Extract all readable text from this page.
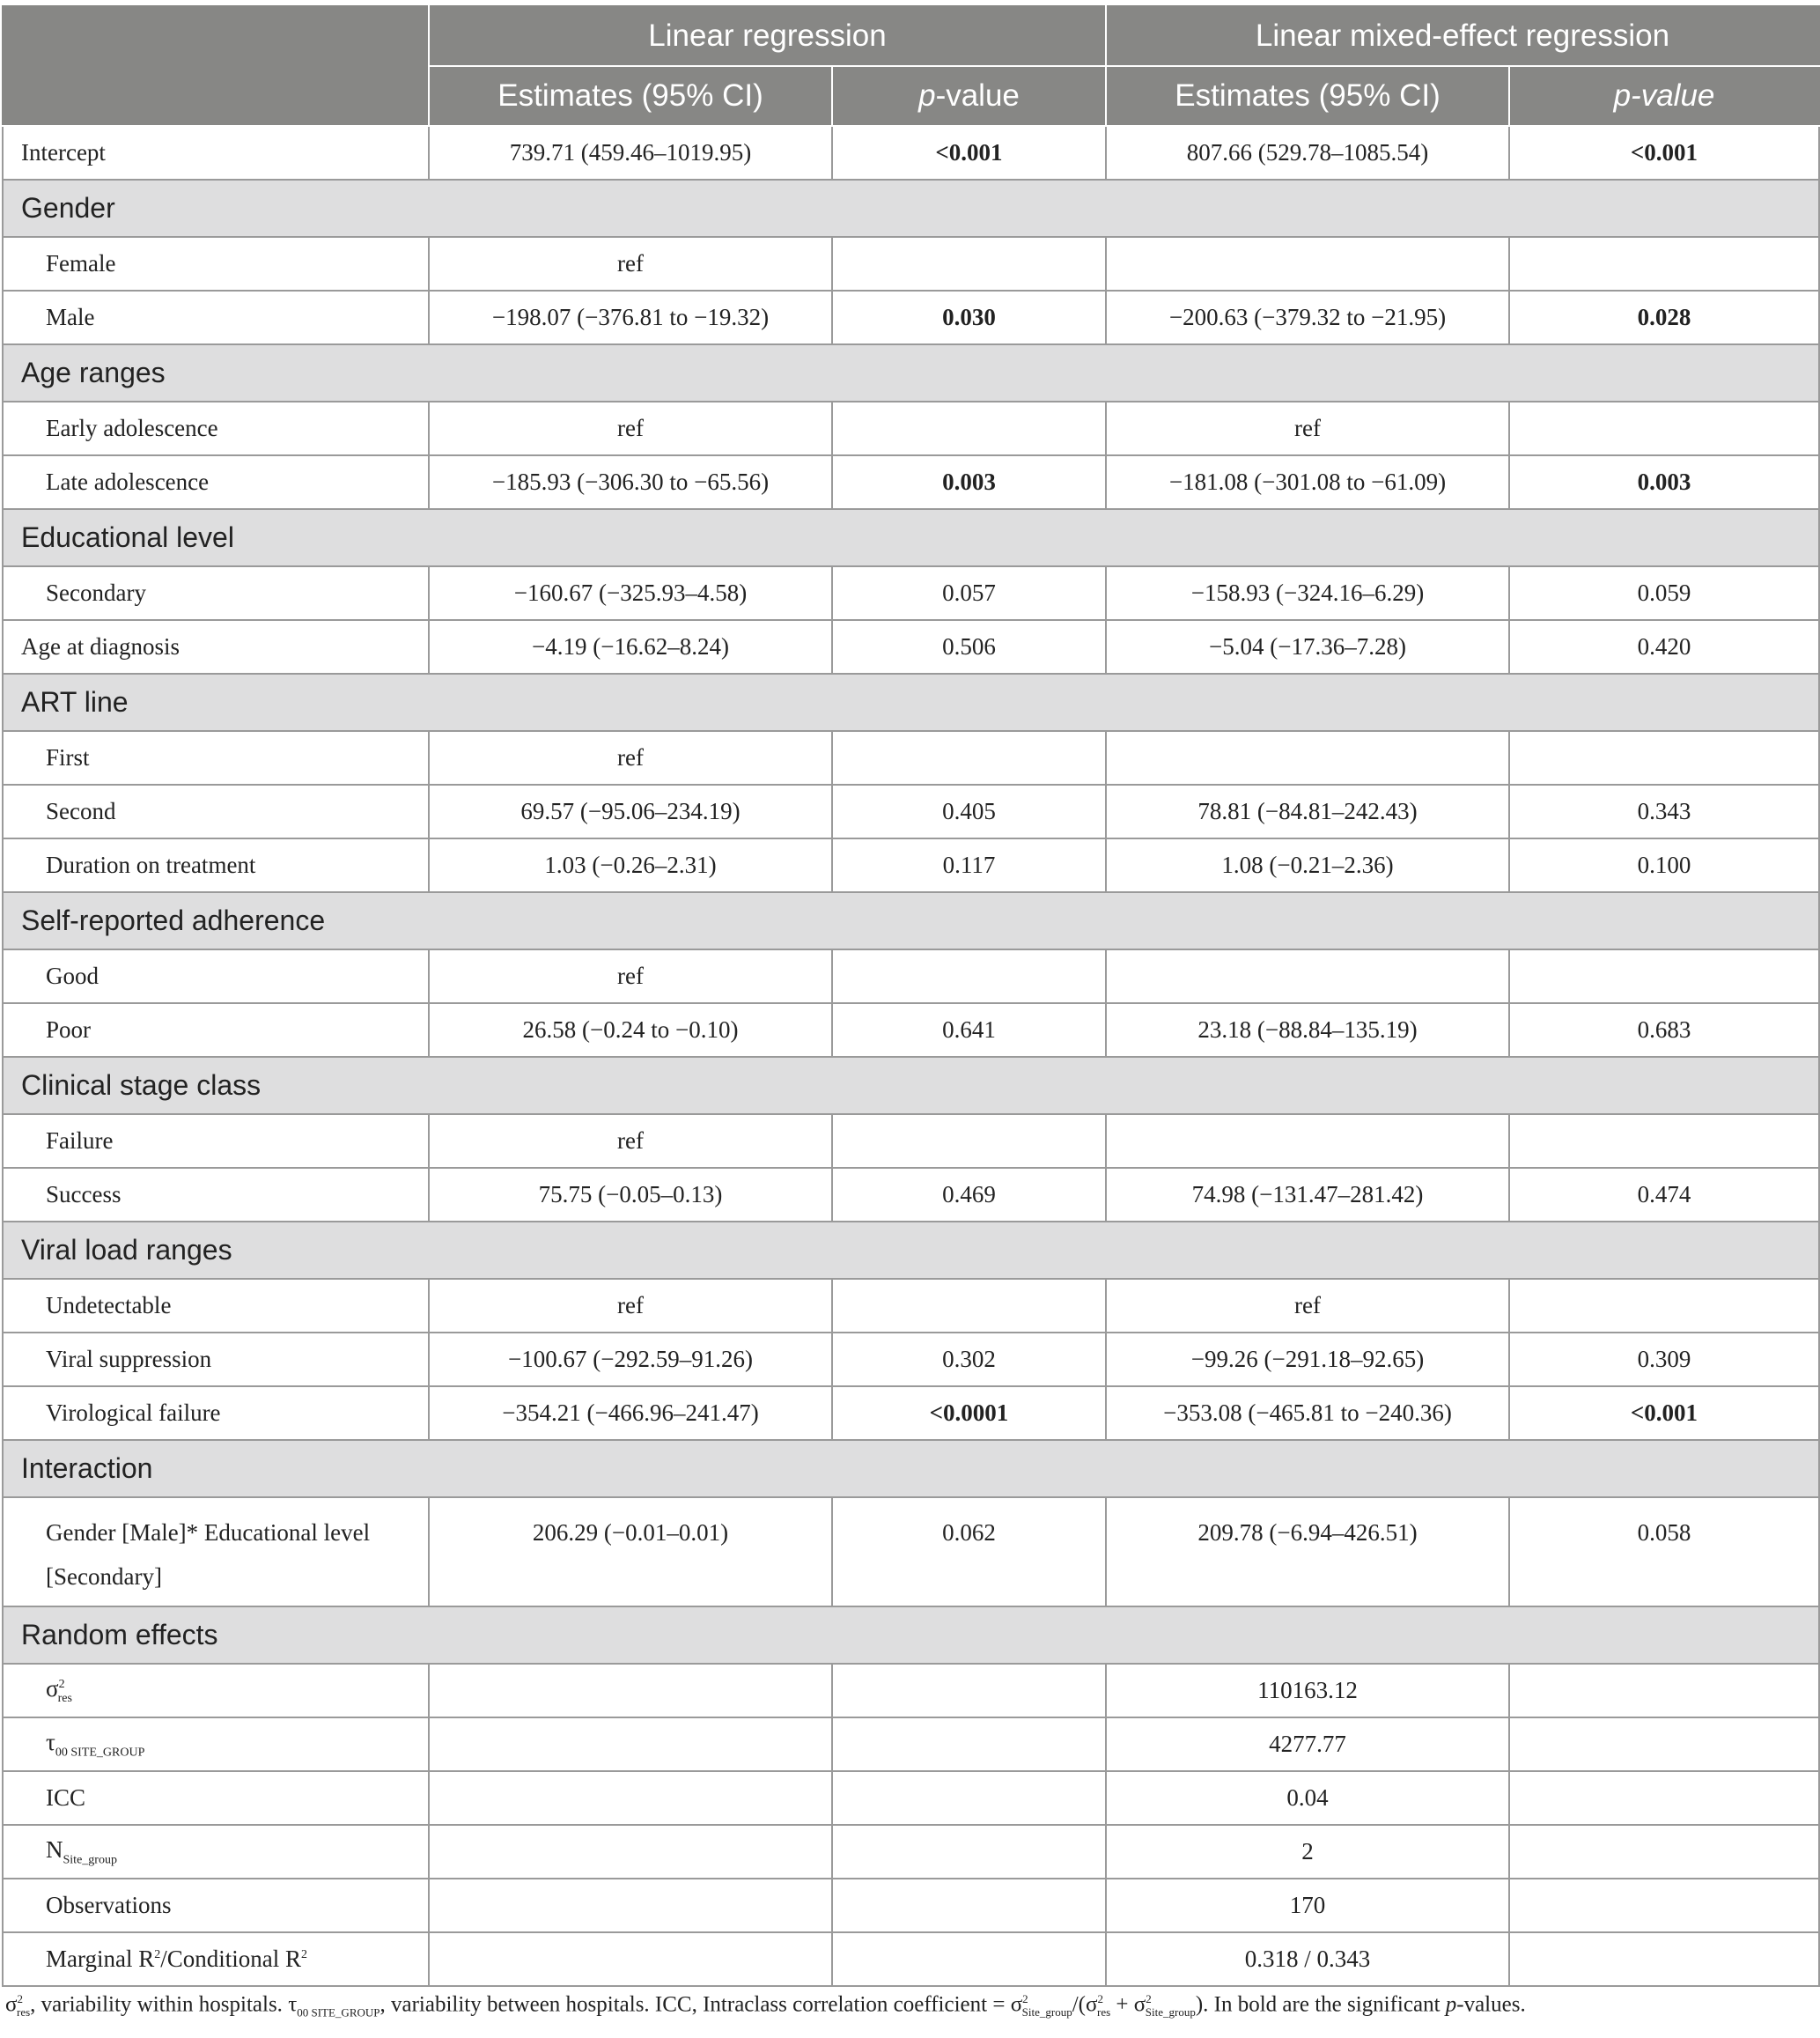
	Linear regression		Linear mixed-effect regression	
	Estimates (95% CI)	p-value	Estimates (95% CI)	p-value
Intercept	739.71 (459.46–1019.95)	<0.001	807.66 (529.78–1085.54)	<0.001
Gender				
Female	ref			
Male	−198.07 (−376.81 to −19.32)	0.030	−200.63 (−379.32 to −21.95)	0.028
Age ranges				
Early adolescence	ref		ref	
Late adolescence	−185.93 (−306.30 to −65.56)	0.003	−181.08 (−301.08 to −61.09)	0.003
Educational level				
Secondary	−160.67 (−325.93–4.58)	0.057	−158.93 (−324.16–6.29)	0.059
Age at diagnosis	−4.19 (−16.62–8.24)	0.506	−5.04 (−17.36–7.28)	0.420
ART line				
First	ref			
Second	69.57 (−95.06–234.19)	0.405	78.81 (−84.81–242.43)	0.343
Duration on treatment	1.03 (−0.26–2.31)	0.117	1.08 (−0.21–2.36)	0.100
Self-reported adherence				
Good	ref			
Poor	26.58 (−0.24 to −0.10)	0.641	23.18 (−88.84–135.19)	0.683
Clinical stage class				
Failure	ref			
Success	75.75 (−0.05–0.13)	0.469	74.98 (−131.47–281.42)	0.474
Viral load ranges				
Undetectable	ref		ref	
Viral suppression	−100.67 (−292.59–91.26)	0.302	−99.26 (−291.18–92.65)	0.309
Virological failure	−354.21 (−466.96–241.47)	<0.0001	−353.08 (−465.81 to −240.36)	<0.001
Interaction				
Gender [Male]* Educational level
[Secondary]	206.29 (−0.01–0.01)	0.062	209.78 (−6.94–426.51)	0.058
Random effects				
$\sigma^2_{res}$			110163.12	
$\tau_{00 SITE\_GROUP}$			4277.77	
ICC			0.04	
$N_{Site\_group}$			2	
Observations			170	
Marginal $R^2$/Conditional $R^2$			0.318 / 0.343	
$\sigma^2_{res}$, variability within hospitals. $\tau_{00 SITE\_GROUP}$, variability between hospitals. ICC, Intraclass correlation coefficient = $\sigma^2_{Site\_group}/(\sigma^2_{res} + \sigma^2_{Site\_group})$. In bold are the significant p-values.
